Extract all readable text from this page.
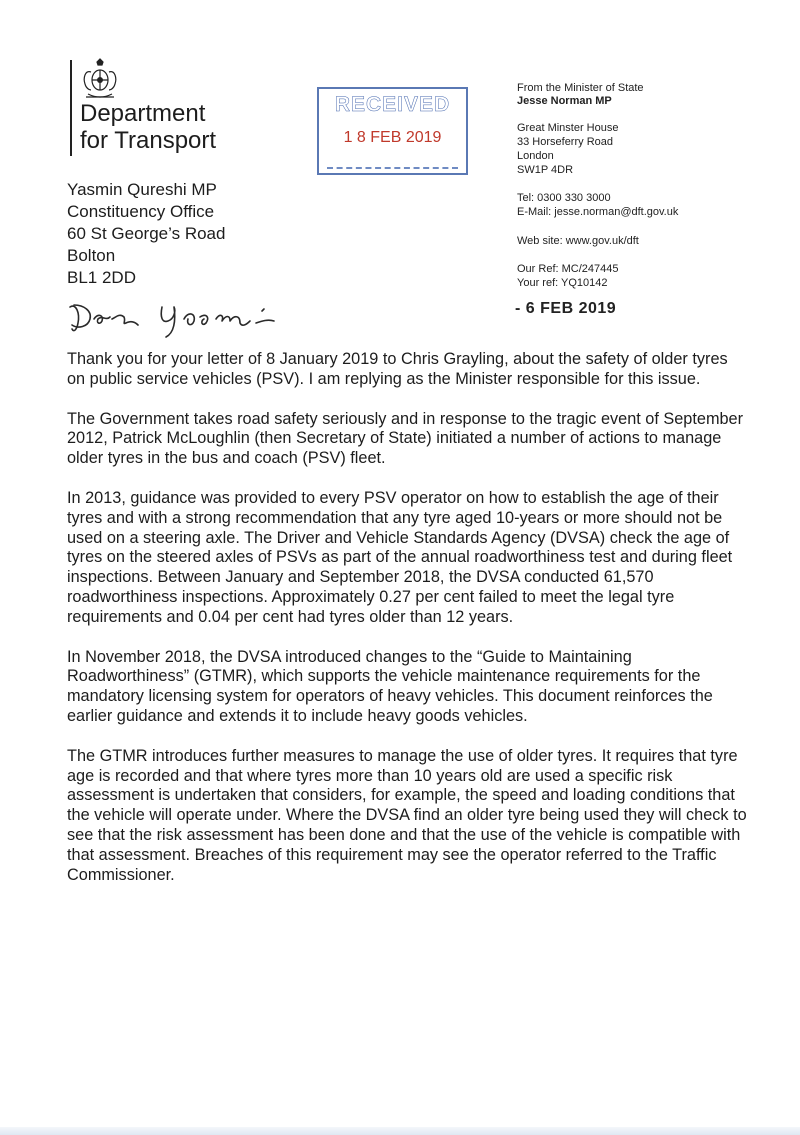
Department
for Transport
RECEIVED
1 8 FEB 2019
From the Minister of State
Jesse Norman MP
Great Minster House
33 Horseferry Road
London
SW1P 4DR
Tel: 0300 330 3000
E-Mail: jesse.norman@dft.gov.uk
Web site: www.gov.uk/dft
Our Ref: MC/247445
Your ref: YQ10142
- 6 FEB 2019
Yasmin Qureshi MP
Constituency Office
60 St George’s Road
Bolton
BL1 2DD

Thank you for your letter of 8 January 2019 to Chris Grayling, about the safety of older tyres on public service vehicles (PSV). I am replying as the Minister responsible for this issue.

The Government takes road safety seriously and in response to the tragic event of September 2012, Patrick McLoughlin (then Secretary of State) initiated a number of actions to manage older tyres in the bus and coach (PSV) fleet.

In 2013, guidance was provided to every PSV operator on how to establish the age of their tyres and with a strong recommendation that any tyre aged 10-years or more should not be used on a steering axle. The Driver and Vehicle Standards Agency (DVSA) check the age of tyres on the steered axles of PSVs as part of the annual roadworthiness test and during fleet inspections. Between January and September 2018, the DVSA conducted 61,570 roadworthiness inspections. Approximately 0.27 per cent failed to meet the legal tyre requirements and 0.04 per cent had tyres older than 12 years.

In November 2018, the DVSA introduced changes to the “Guide to Maintaining Roadworthiness” (GTMR), which supports the vehicle maintenance requirements for the mandatory licensing system for operators of heavy vehicles. This document reinforces the earlier guidance and extends it to include heavy goods vehicles.

The GTMR introduces further measures to manage the use of older tyres. It requires that tyre age is recorded and that where tyres more than 10 years old are used a specific risk assessment is undertaken that considers, for example, the speed and loading conditions that the vehicle will operate under. Where the DVSA find an older tyre being used they will check to see that the risk assessment has been done and that the use of the vehicle is compatible with that assessment. Breaches of this requirement may see the operator referred to the Traffic Commissioner.
